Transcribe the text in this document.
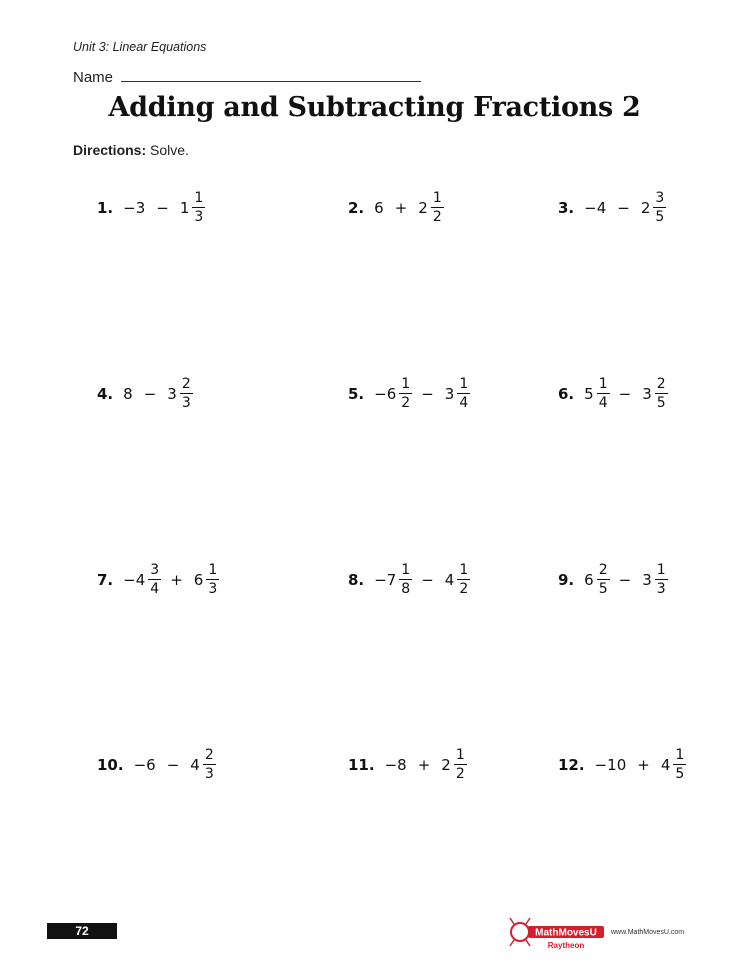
Unit 3: Linear Equations
Name
Adding and Subtracting Fractions 2
Directions: Solve.
1. $-3 - 1 \frac{1}{3}$	2. $6 + 2 \frac{1}{2}$	3. $-4 - 2 \frac{3}{5}$
4. $8 - 3 \frac{2}{3}$	5. $-6 \frac{1}{2} - 3 \frac{1}{4}$	6. $5 \frac{1}{4} - 3 \frac{2}{5}$
7. $-4 \frac{3}{4} + 6 \frac{1}{3}$	8. $-7 \frac{1}{8} - 4 \frac{1}{2}$	9. $6 \frac{2}{5} - 3 \frac{1}{3}$
10. $-6 - 4 \frac{2}{3}$	11. $-8 + 2 \frac{1}{2}$	12. $-10 + 4 \frac{1}{5}$
72	MathMovesU
Raytheon
www.MathMovesU.com
